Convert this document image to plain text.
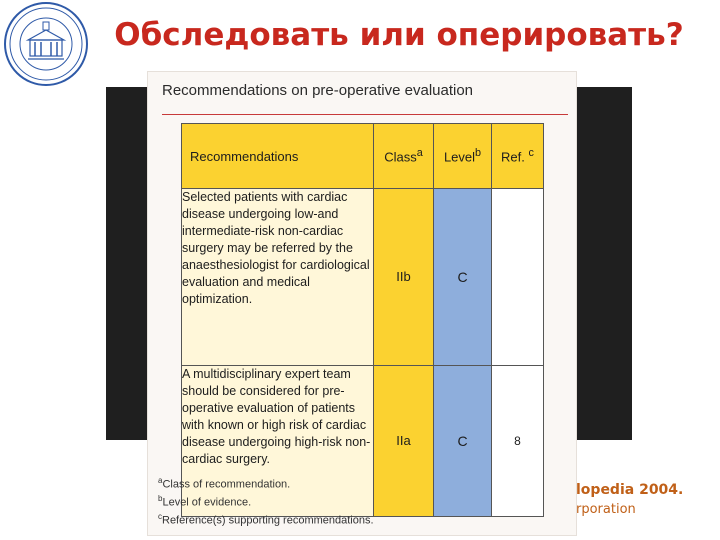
Обследовать или оперировать?
lopedia 2004.
rporation
Recommendations on pre-operative evaluation
Recommendations	Class$^a$	Level$^b$	Ref. $^c$
Selected patients with cardiac disease undergoing low-and intermediate-risk non-cardiac surgery may be referred by the anaesthesiologist for cardiological evaluation and medical optimization.	IIb	C	
A multidisciplinary expert team should be considered for pre-operative evaluation of patients with known or high risk of cardiac disease undergoing high-risk non-cardiac surgery.	IIa	C	8
$^a$Class of recommendation.
$^b$Level of evidence.
$^c$Reference(s) supporting recommendations.
